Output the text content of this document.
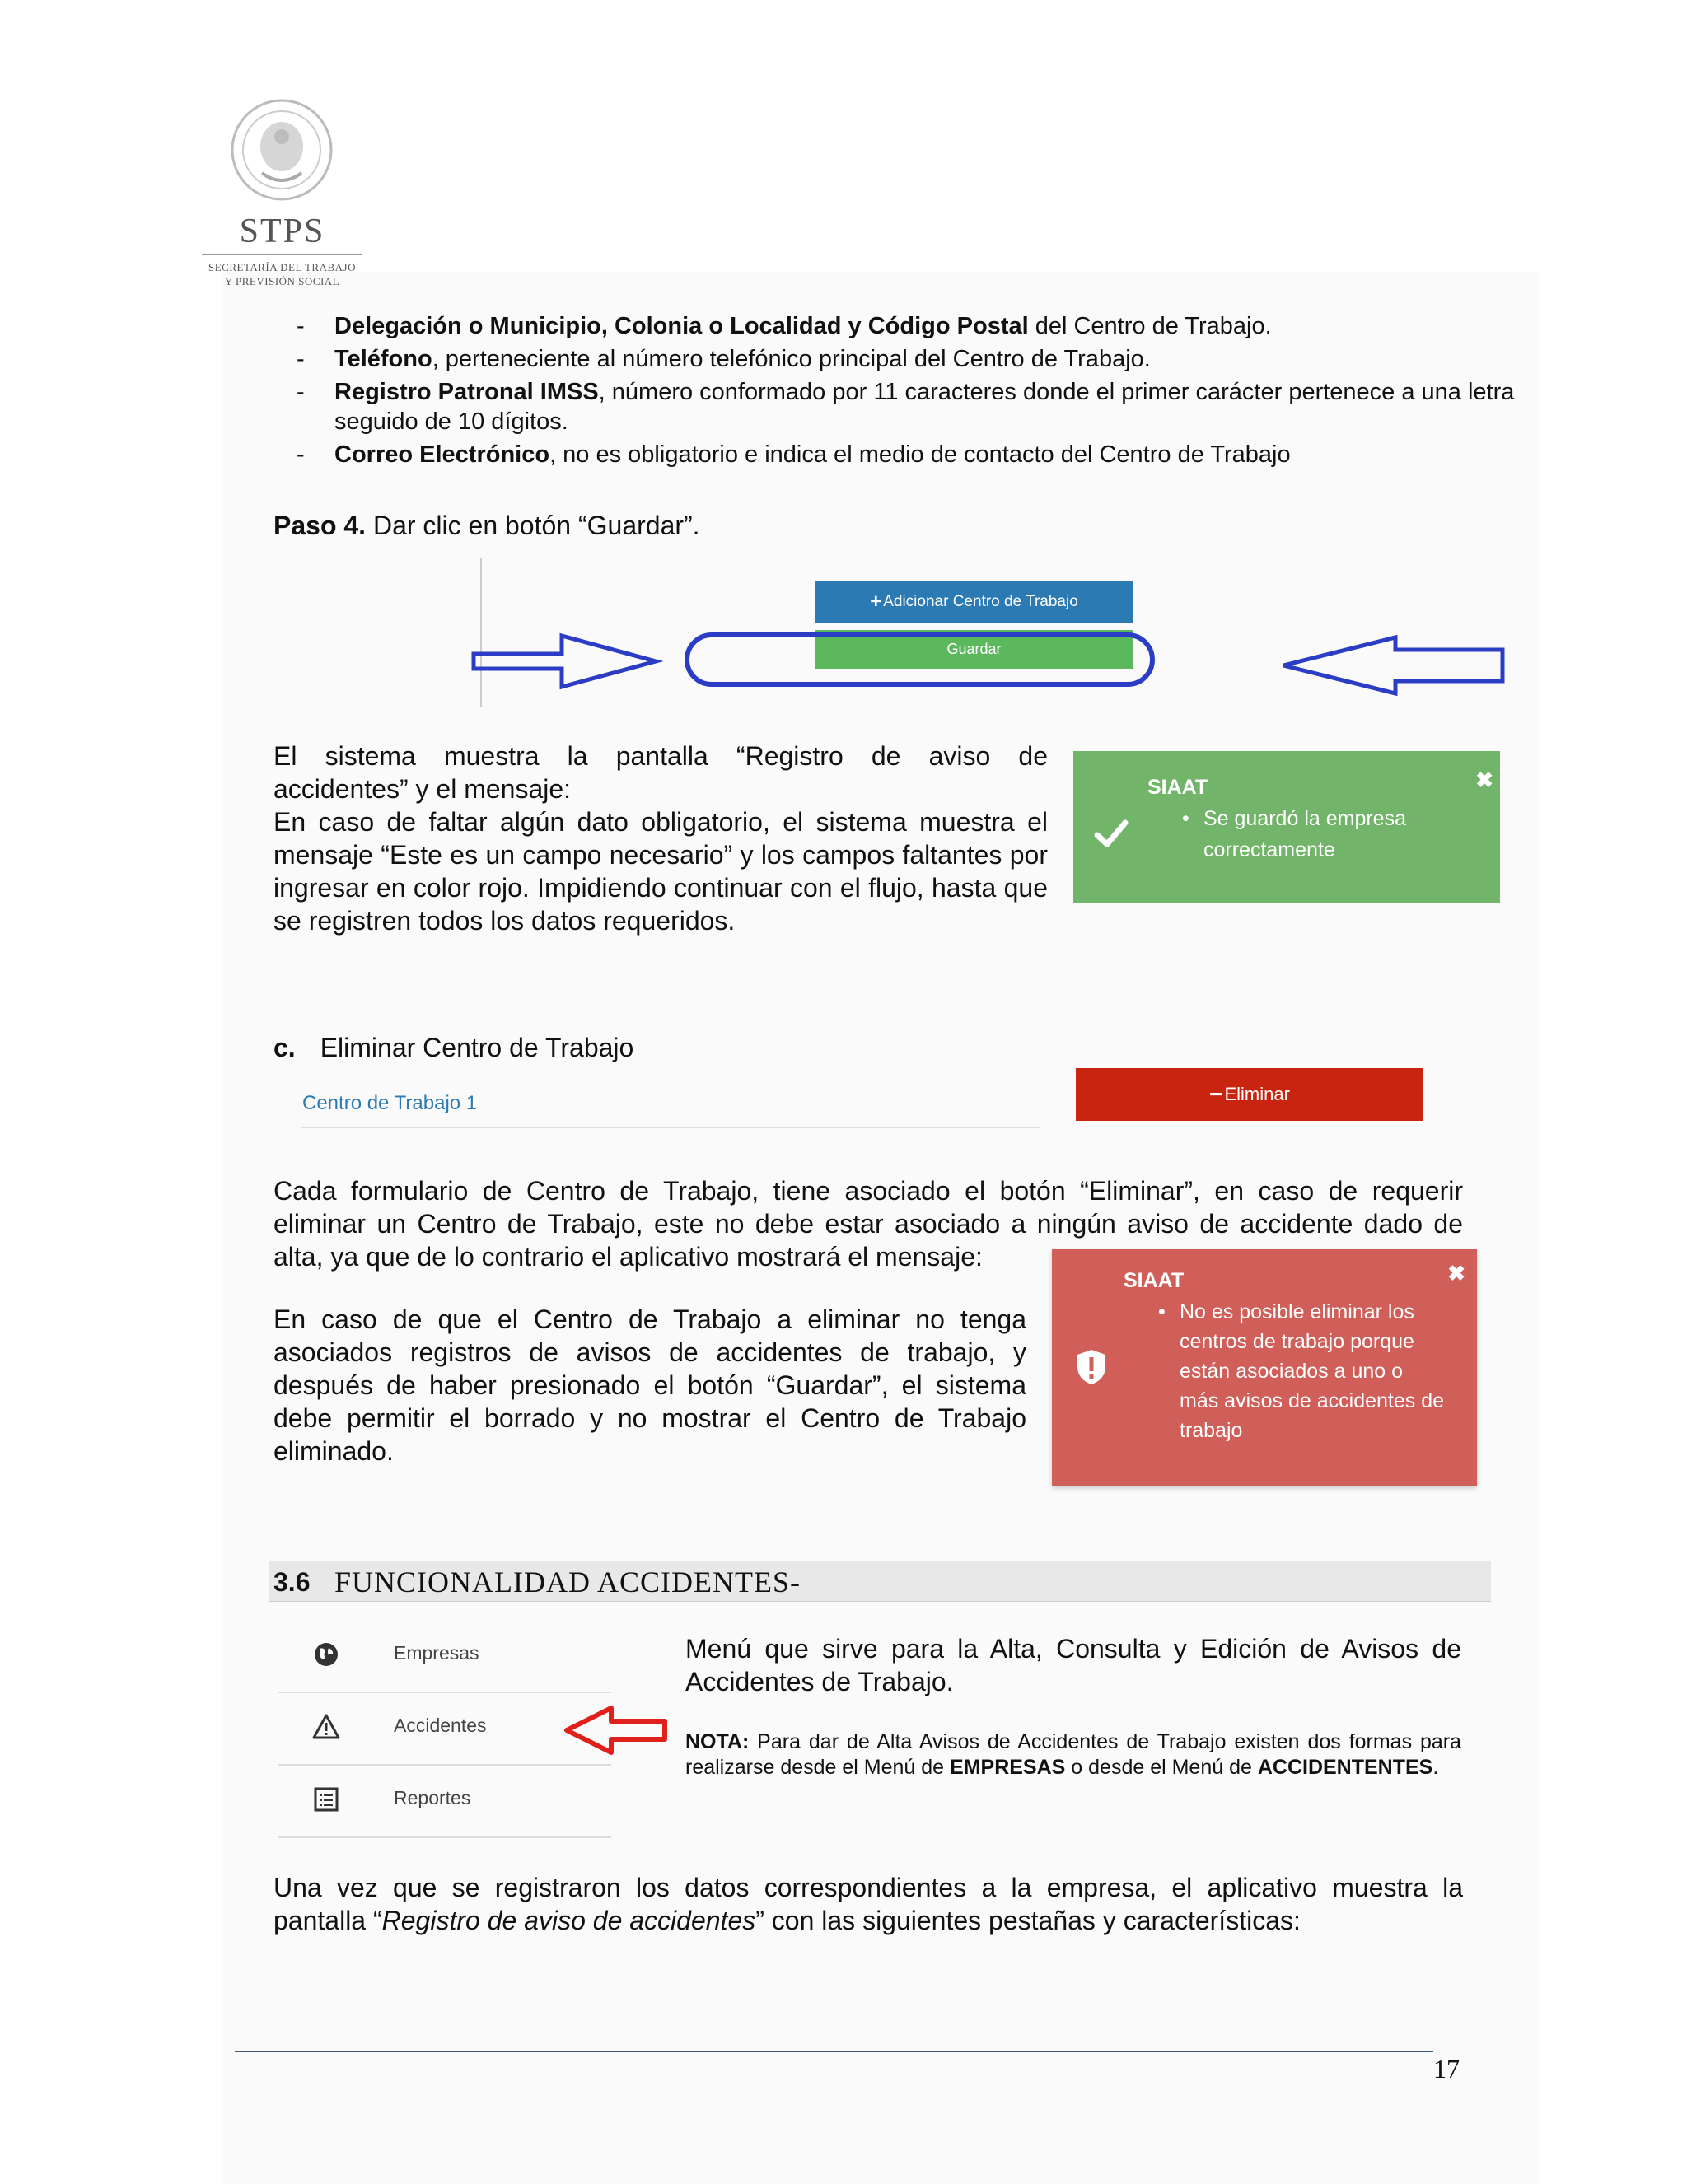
STPS
SECRETARÍA DEL TRABAJO
Y PREVISIÓN SOCIAL
- Delegación o Municipio, Colonia o Localidad y Código Postal del Centro de Trabajo.
- Teléfono, perteneciente al número telefónico principal del Centro de Trabajo.
- Registro Patronal IMSS, número conformado por 11 caracteres donde el primer carácter pertenece a una letra seguido de 10 dígitos.
- Correo Electrónico, no es obligatorio e indica el medio de contacto del Centro de Trabajo
Paso 4. Dar clic en botón “Guardar”.
+ Adicionar Centro de Trabajo
Guardar
El sistema muestra la pantalla “Registro de aviso de
accidentes” y el mensaje:
En caso de faltar algún dato obligatorio, el sistema muestra el mensaje “Este es un campo necesario” y los campos faltantes por ingresar en color rojo. Impidiendo continuar con el flujo, hasta que se registren todos los datos requeridos.
SIAAT	✖
• Se guardó la empresa
correctamente
c. Eliminar Centro de Trabajo
Centro de Trabajo 1	− Eliminar
Cada formulario de Centro de Trabajo, tiene asociado el botón “Eliminar”, en caso de requerir
eliminar un Centro de Trabajo, este no debe estar asociado a ningún aviso de accidente dado de
alta, ya que de lo contrario el aplicativo mostrará el mensaje:
En caso de que el Centro de Trabajo a eliminar no tenga asociados registros de avisos de accidentes de trabajo, y después de haber presionado el botón “Guardar”, el sistema debe permitir el borrado y no mostrar el Centro de Trabajo eliminado.
SIAAT	✖
• No es posible eliminar los
centros de trabajo porque
están asociados a uno o
más avisos de accidentes de
trabajo
3.6 FUNCIONALIDAD ACCIDENTES-
Empresas
Accidentes
Reportes
Menú que sirve para la Alta, Consulta y Edición de Avisos de
Accidentes de Trabajo.
NOTA: Para dar de Alta Avisos de Accidentes de Trabajo existen dos formas para realizarse desde el Menú de EMPRESAS o desde el Menú de ACCIDENTENTES.
Una vez que se registraron los datos correspondientes a la empresa, el aplicativo muestra la
pantalla “Registro de aviso de accidentes” con las siguientes pestañas y características:
17
